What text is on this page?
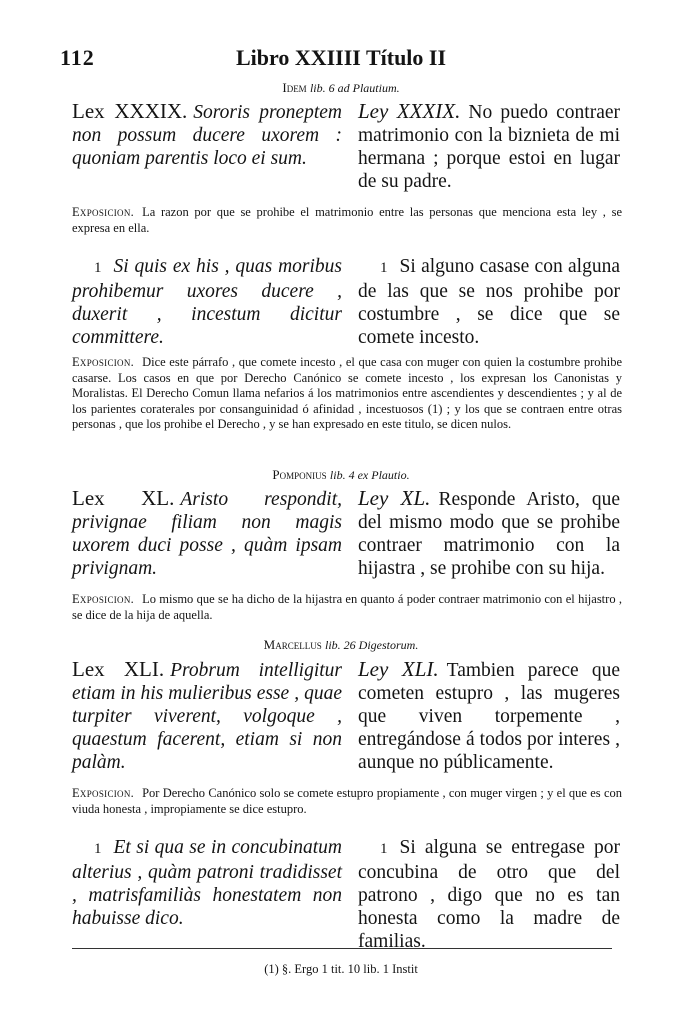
112	Libro XXIIII Título II
Idem lib. 6 ad Plautium.
Lex XXXIX. Sororis proneptem non possum ducere uxorem : quoniam parentis loco ei sum.
Ley XXXIX. No puedo contraer matrimonio con la biznieta de mi hermana ; porque estoi en lugar de su padre.
Exposicion. La razon por que se prohibe el matrimonio entre las personas que menciona esta ley , se expresa en ella.
1 Si quis ex his , quas moribus prohibemur uxores ducere , duxerit , incestum dicitur committere.
1 Si alguno casase con alguna de las que se nos prohibe por costumbre , se dice que se comete incesto.
Exposicion. Dice este párrafo , que comete incesto , el que casa con muger con quien la costumbre prohibe casarse. Los casos en que por Derecho Canónico se comete incesto , los expresan los Canonistas y Moralistas. El Derecho Comun llama nefarios á los matrimonios entre ascendientes y descendientes ; y al de los parientes coraterales por consanguinidad ó afinidad , incestuosos (1) ; y los que se contraen entre otras personas , que los prohibe el Derecho , y se han expresado en este titulo, se dicen nulos.
Pomponius lib. 4 ex Plautio.
Lex XL. Aristo respondit, privignae filiam non magis uxorem duci posse , quàm ipsam privignam.
Ley XL. Responde Aristo, que del mismo modo que se prohibe contraer matrimonio con la hijastra , se prohibe con su hija.
Exposicion. Lo mismo que se ha dicho de la hijastra en quanto á poder contraer matrimonio con el hijastro , se dice de la hija de aquella.
Marcellus lib. 26 Digestorum.
Lex XLI. Probrum intelligitur etiam in his mulieribus esse , quae turpiter viverent, volgoque , quaestum facerent, etiam si non palàm.
Ley XLI. Tambien parece que cometen estupro , las mugeres que viven torpemente , entregándose á todos por interes , aunque no públicamente.
Exposicion. Por Derecho Canónico solo se comete estupro propiamente , con muger virgen ; y el que es con viuda honesta , impropiamente se dice estupro.
1 Et si qua se in concubinatum alterius , quàm patroni tradidisset , matrisfamiliàs honestatem non habuisse dico.
1 Si alguna se entregase por concubina de otro que del patrono , digo que no es tan honesta como la madre de familias.
(1) §. Ergo 1 tit. 10 lib. 1 Instit
